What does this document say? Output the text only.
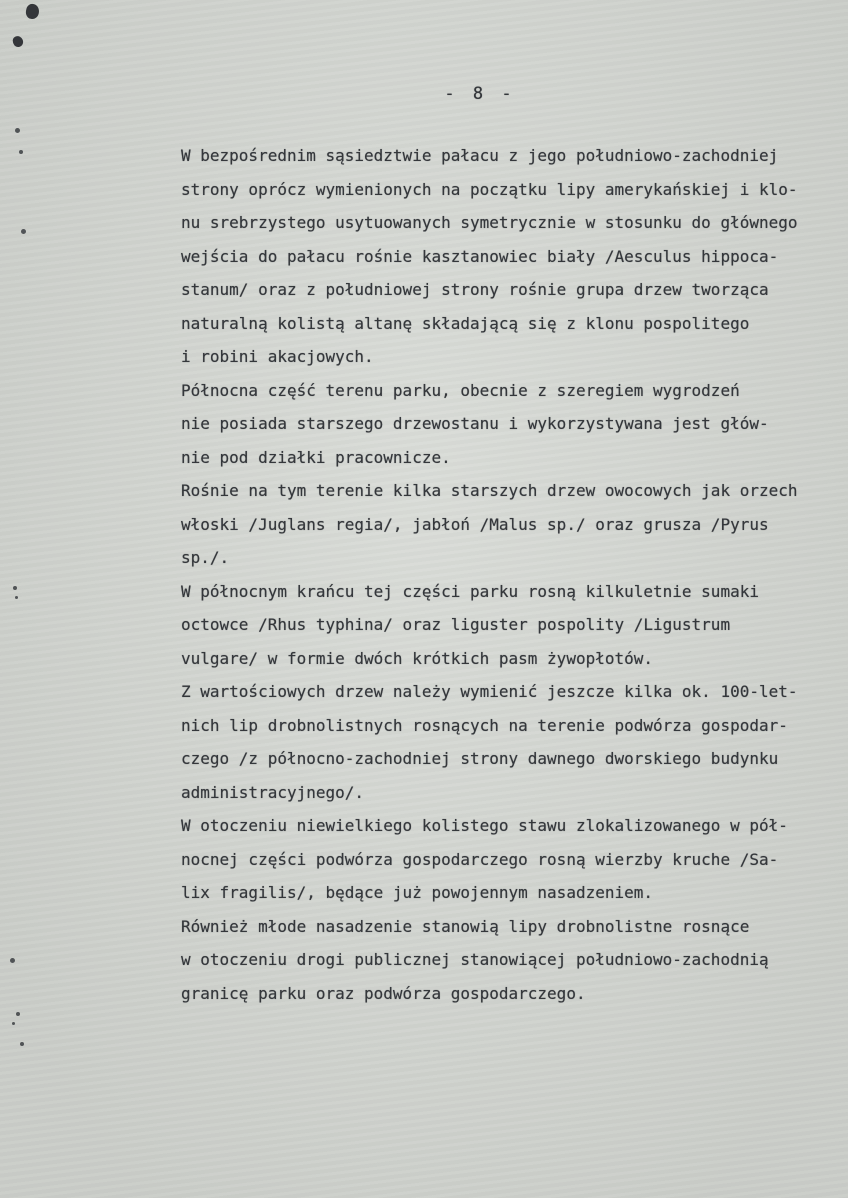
- 8 -
W bezpośrednim sąsiedztwie pałacu z jego południowo-zachodniej
strony oprócz wymienionych na początku lipy amerykańskiej i klo-
nu srebrzystego usytuowanych symetrycznie w stosunku do głównego
wejścia do pałacu rośnie kasztanowiec biały /Aesculus hippoca-
stanum/ oraz z południowej strony rośnie grupa drzew tworząca
naturalną kolistą altanę składającą się z klonu pospolitego
i robini akacjowych.
Północna część terenu parku, obecnie z szeregiem wygrodzeń
nie posiada starszego drzewostanu i wykorzystywana jest głów-
nie pod działki pracownicze.
Rośnie na tym terenie kilka starszych drzew owocowych jak orzech
włoski /Juglans regia/, jabłoń /Malus sp./ oraz grusza /Pyrus
sp./.
W północnym krańcu tej części parku rosną kilkuletnie sumaki
octowce /Rhus typhina/ oraz liguster pospolity /Ligustrum
vulgare/ w formie dwóch krótkich pasm żywopłotów.
Z wartościowych drzew należy wymienić jeszcze kilka ok. 100-let-
nich lip drobnolistnych rosnących na terenie podwórza gospodar-
czego /z północno-zachodniej strony dawnego dworskiego budynku
administracyjnego/.
W otoczeniu niewielkiego kolistego stawu zlokalizowanego w pół-
nocnej części podwórza gospodarczego rosną wierzby kruche /Sa-
lix fragilis/, będące już powojennym nasadzeniem.
Również młode nasadzenie stanowią lipy drobnolistne rosnące
w otoczeniu drogi publicznej stanowiącej południowo-zachodnią
granicę parku oraz podwórza gospodarczego.
